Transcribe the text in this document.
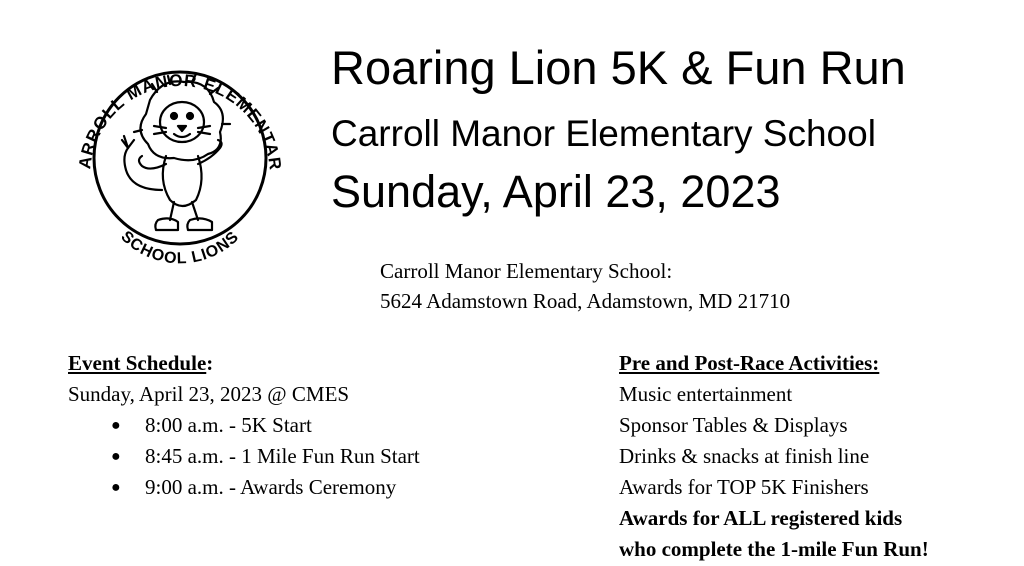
ARROLL MANOR ELEMENTAR
SCHOOL LIONS
Roaring Lion 5K & Fun Run
Carroll Manor Elementary School
Sunday, April 23, 2023
Carroll Manor Elementary School:
5624 Adamstown Road, Adamstown, MD 21710
Event Schedule:
Sunday, April 23, 2023 @ CMES
● 8:00 a.m. - 5K Start
● 8:45 a.m. - 1 Mile Fun Run Start
● 9:00 a.m. - Awards Ceremony
Pre and Post-Race Activities:
Music entertainment
Sponsor Tables & Displays
Drinks & snacks at finish line
Awards for TOP 5K Finishers
Awards for ALL registered kids
who complete the 1-mile Fun Run!
